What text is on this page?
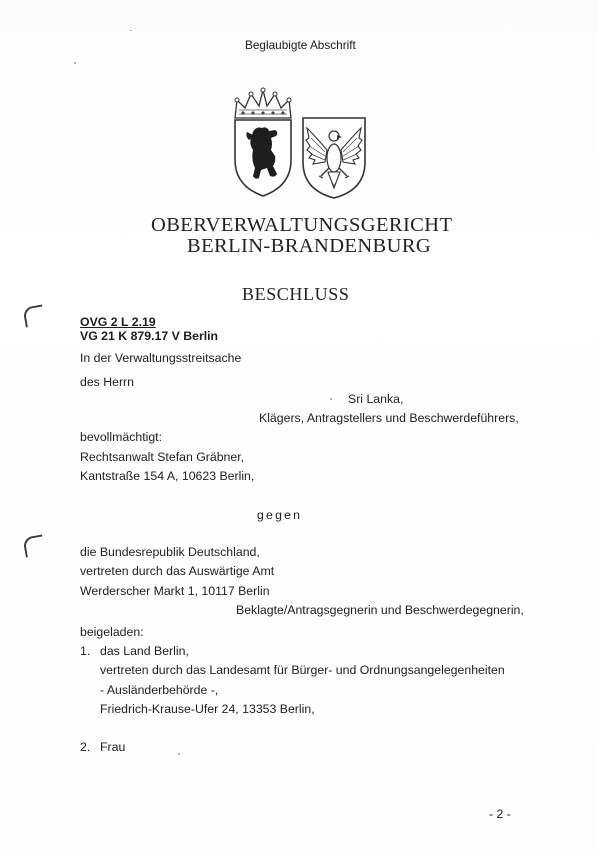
Beglaubigte Abschrift
OBERVERWALTUNGSGERICHT
BERLIN-BRANDENBURG
BESCHLUSS
OVG 2 L 2.19
VG 21 K 879.17 V Berlin
In der Verwaltungsstreitsache
des Herrn
Sri Lanka,
Klägers, Antragstellers und Beschwerdeführers,
bevollmächtigt:
Rechtsanwalt Stefan Gräbner,
Kantstraße 154 A, 10623 Berlin,
gegen
die Bundesrepublik Deutschland,
vertreten durch das Auswärtige Amt
Werderscher Markt 1, 10117 Berlin
Beklagte/Antragsgegnerin und Beschwerdegegnerin,
beigeladen:
1. das Land Berlin,
vertreten durch das Landesamt für Bürger- und Ordnungsangelegenheiten
- Ausländerbehörde -,
Friedrich-Krause-Ufer 24, 13353 Berlin,
2. Frau
- 2 -
